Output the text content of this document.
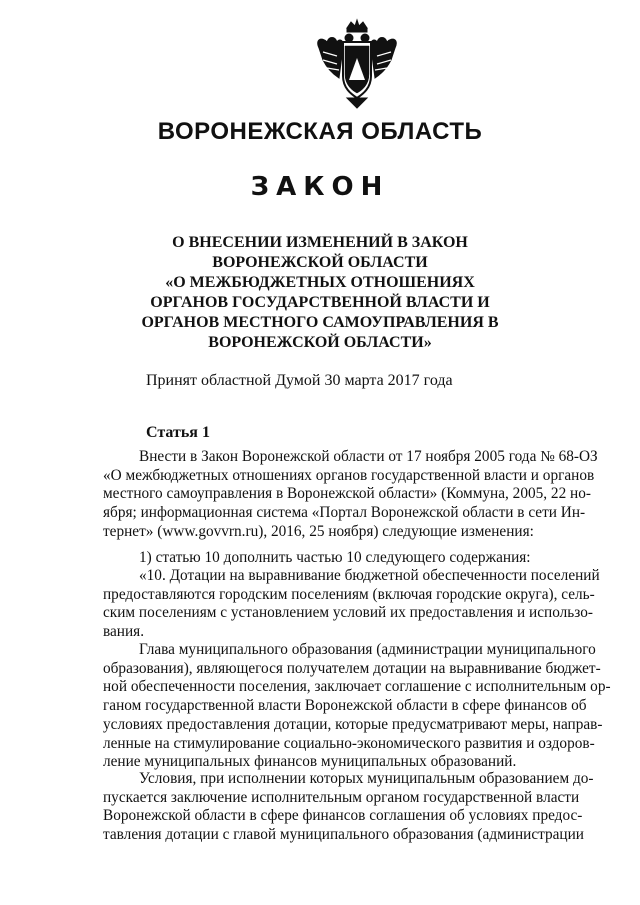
ВОРОНЕЖСКАЯ ОБЛАСТЬ
ЗАКОН
О ВНЕСЕНИИ ИЗМЕНЕНИЙ В ЗАКОН
ВОРОНЕЖСКОЙ ОБЛАСТИ
«О МЕЖБЮДЖЕТНЫХ ОТНОШЕНИЯХ
ОРГАНОВ ГОСУДАРСТВЕННОЙ ВЛАСТИ И
ОРГАНОВ МЕСТНОГО САМОУПРАВЛЕНИЯ В
ВОРОНЕЖСКОЙ ОБЛАСТИ»
Принят областной Думой 30 марта 2017 года
Статья 1
Внести в Закон Воронежской области от 17 ноября 2005 года № 68-ОЗ
«О межбюджетных отношениях органов государственной власти и органов
местного самоуправления в Воронежской области» (Коммуна, 2005, 22 но-
ября; информационная система «Портал Воронежской области в сети Ин-
тернет» (www.govvrn.ru), 2016, 25 ноября) следующие изменения:
1) статью 10 дополнить частью 10 следующего содержания:
«10. Дотации на выравнивание бюджетной обеспеченности поселений
предоставляются городским поселениям (включая городские округа), сель-
ским поселениям с установлением условий их предоставления и использо-
вания.
Глава муниципального образования (администрации муниципального
образования), являющегося получателем дотации на выравнивание бюджет-
ной обеспеченности поселения, заключает соглашение с исполнительным ор-
ганом государственной власти Воронежской области в сфере финансов об
условиях предоставления дотации, которые предусматривают меры, направ-
ленные на стимулирование социально-экономического развития и оздоров-
ление муниципальных финансов муниципальных образований.
Условия, при исполнении которых муниципальным образованием до-
пускается заключение исполнительным органом государственной власти
Воронежской области в сфере финансов соглашения об условиях предос-
тавления дотации с главой муниципального образования (администрации
